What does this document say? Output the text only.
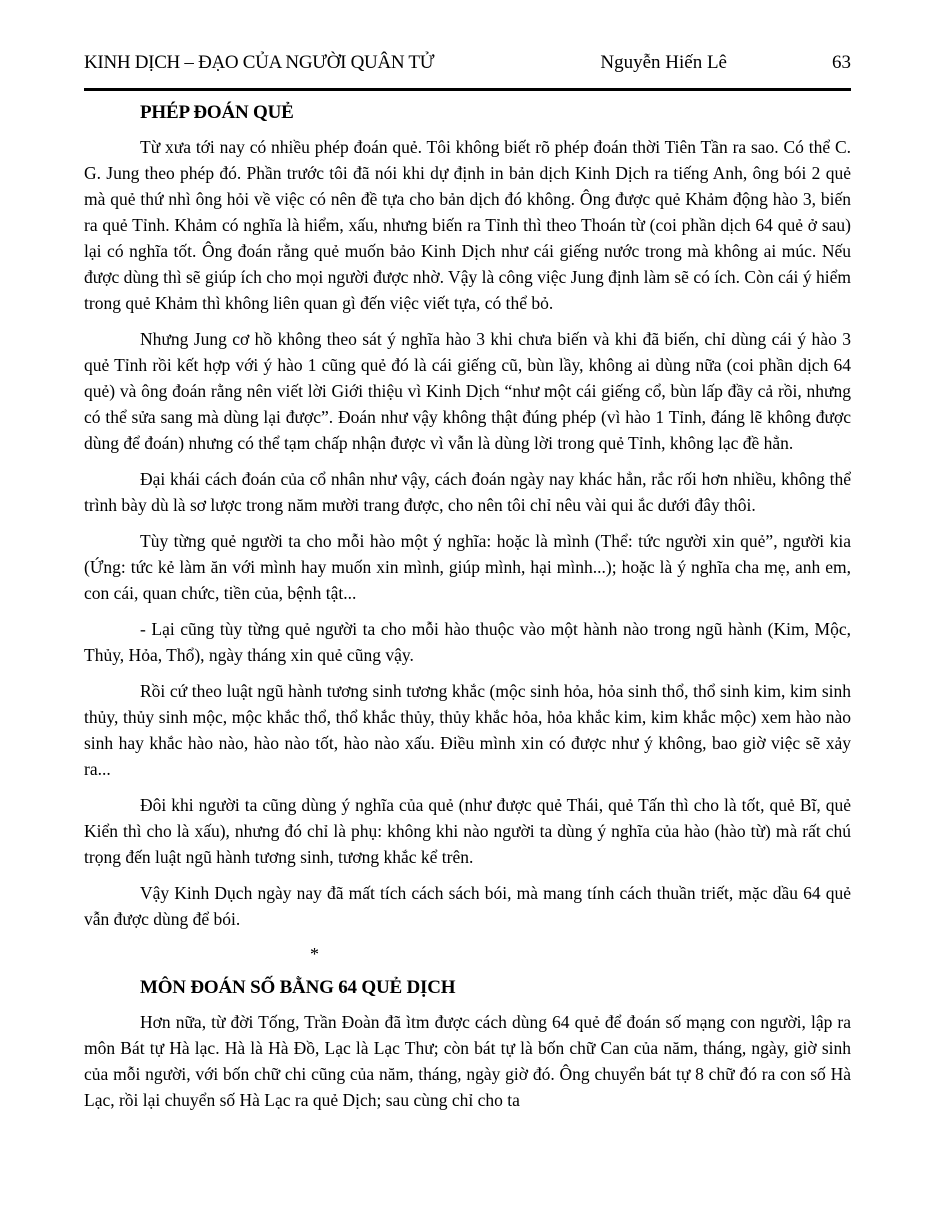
KINH DỊCH – ĐẠO CỦA NGƯỜI QUÂN TỬ	Nguyễn Hiến Lê	63
PHÉP ĐOÁN QUẺ

Từ xưa tới nay có nhiều phép đoán quẻ. Tôi không biết rõ phép đoán thời Tiên Tần ra sao. Có thể C. G. Jung theo phép đó. Phần trước tôi đã nói khi dự định in bản dịch Kinh Dịch ra tiếng Anh, ông bói 2 quẻ mà quẻ thứ nhì ông hỏi về việc có nên đề tựa cho bản dịch đó không. Ông được quẻ Khảm động hào 3, biến ra quẻ Tỉnh. Khảm có nghĩa là hiểm, xấu, nhưng biến ra Tỉnh thì theo Thoán từ (coi phần dịch 64 quẻ ở sau) lại có nghĩa tốt. Ông đoán rằng quẻ muốn bảo Kinh Dịch như cái giếng nước trong mà không ai múc. Nếu được dùng thì sẽ giúp ích cho mọi người được nhờ. Vậy là công việc Jung định làm sẽ có ích. Còn cái ý hiểm trong quẻ Khảm thì không liên quan gì đến việc viết tựa, có thể bỏ.

Nhưng Jung cơ hồ không theo sát ý nghĩa hào 3 khi chưa biến và khi đã biến, chỉ dùng cái ý hào 3 quẻ Tỉnh rồi kết hợp với ý hào 1 cũng quẻ đó là cái giếng cũ, bùn lầy, không ai dùng nữa (coi phần dịch 64 quẻ) và ông đoán rằng nên viết lời Giới thiệu vì Kinh Dịch “như một cái giếng cổ, bùn lấp đầy cả rồi, nhưng có thể sửa sang mà dùng lại được”. Đoán như vậy không thật đúng phép (vì hào 1 Tỉnh, đáng lẽ không được dùng để đoán) nhưng có thể tạm chấp nhận được vì vẫn là dùng lời trong quẻ Tỉnh, không lạc đề hẳn.

Đại khái cách đoán của cổ nhân như vậy, cách đoán ngày nay khác hẳn, rắc rối hơn nhiều, không thể trình bày dù là sơ lược trong năm mười trang được, cho nên tôi chỉ nêu vài qui ắc dưới đây thôi.

Tùy từng quẻ người ta cho mỗi hào một ý nghĩa: hoặc là mình (Thể: tức người xin quẻ”, người kia (Ứng: tức kẻ làm ăn với mình hay muốn xin mình, giúp mình, hại mình...); hoặc là ý nghĩa cha mẹ, anh em, con cái, quan chức, tiền của, bệnh tật...

- Lại cũng tùy từng quẻ người ta cho mỗi hào thuộc vào một hành nào trong ngũ hành (Kim, Mộc, Thủy, Hỏa, Thổ), ngày tháng xin quẻ cũng vậy.

Rồi cứ theo luật ngũ hành tương sinh tương khắc (mộc sinh hỏa, hỏa sinh thổ, thổ sinh kim, kim sinh thủy, thủy sinh mộc, mộc khắc thổ, thổ khắc thủy, thủy khắc hỏa, hỏa khắc kim, kim khắc mộc) xem hào nào sinh hay khắc hào nào, hào nào tốt, hào nào xấu. Điều mình xin có được như ý không, bao giờ việc sẽ xảy ra...

Đôi khi người ta cũng dùng ý nghĩa của quẻ (như được quẻ Thái, quẻ Tấn thì cho là tốt, quẻ Bĩ, quẻ Kiển thì cho là xấu), nhưng đó chỉ là phụ: không khi nào người ta dùng ý nghĩa của hào (hào từ) mà rất chú trọng đến luật ngũ hành tương sinh, tương khắc kể trên.

Vậy Kinh Dụch ngày nay đã mất tích cách sách bói, mà mang tính cách thuần triết, mặc dầu 64 quẻ vẫn được dùng để bói.

*
MÔN ĐOÁN SỐ BẰNG 64 QUẺ DỊCH

Hơn nữa, từ đời Tống, Trần Đoàn đã ìtm được cách dùng 64 quẻ để đoán số mạng con người, lập ra môn Bát tự Hà lạc. Hà là Hà Đồ, Lạc là Lạc Thư; còn bát tự là bốn chữ Can của năm, tháng, ngày, giờ sinh của mỗi người, với bốn chữ chi cũng của năm, tháng, ngày giờ đó. Ông chuyển bát tự 8 chữ đó ra con số Hà Lạc, rồi lại chuyển số Hà Lạc ra quẻ Dịch; sau cùng chỉ cho ta
